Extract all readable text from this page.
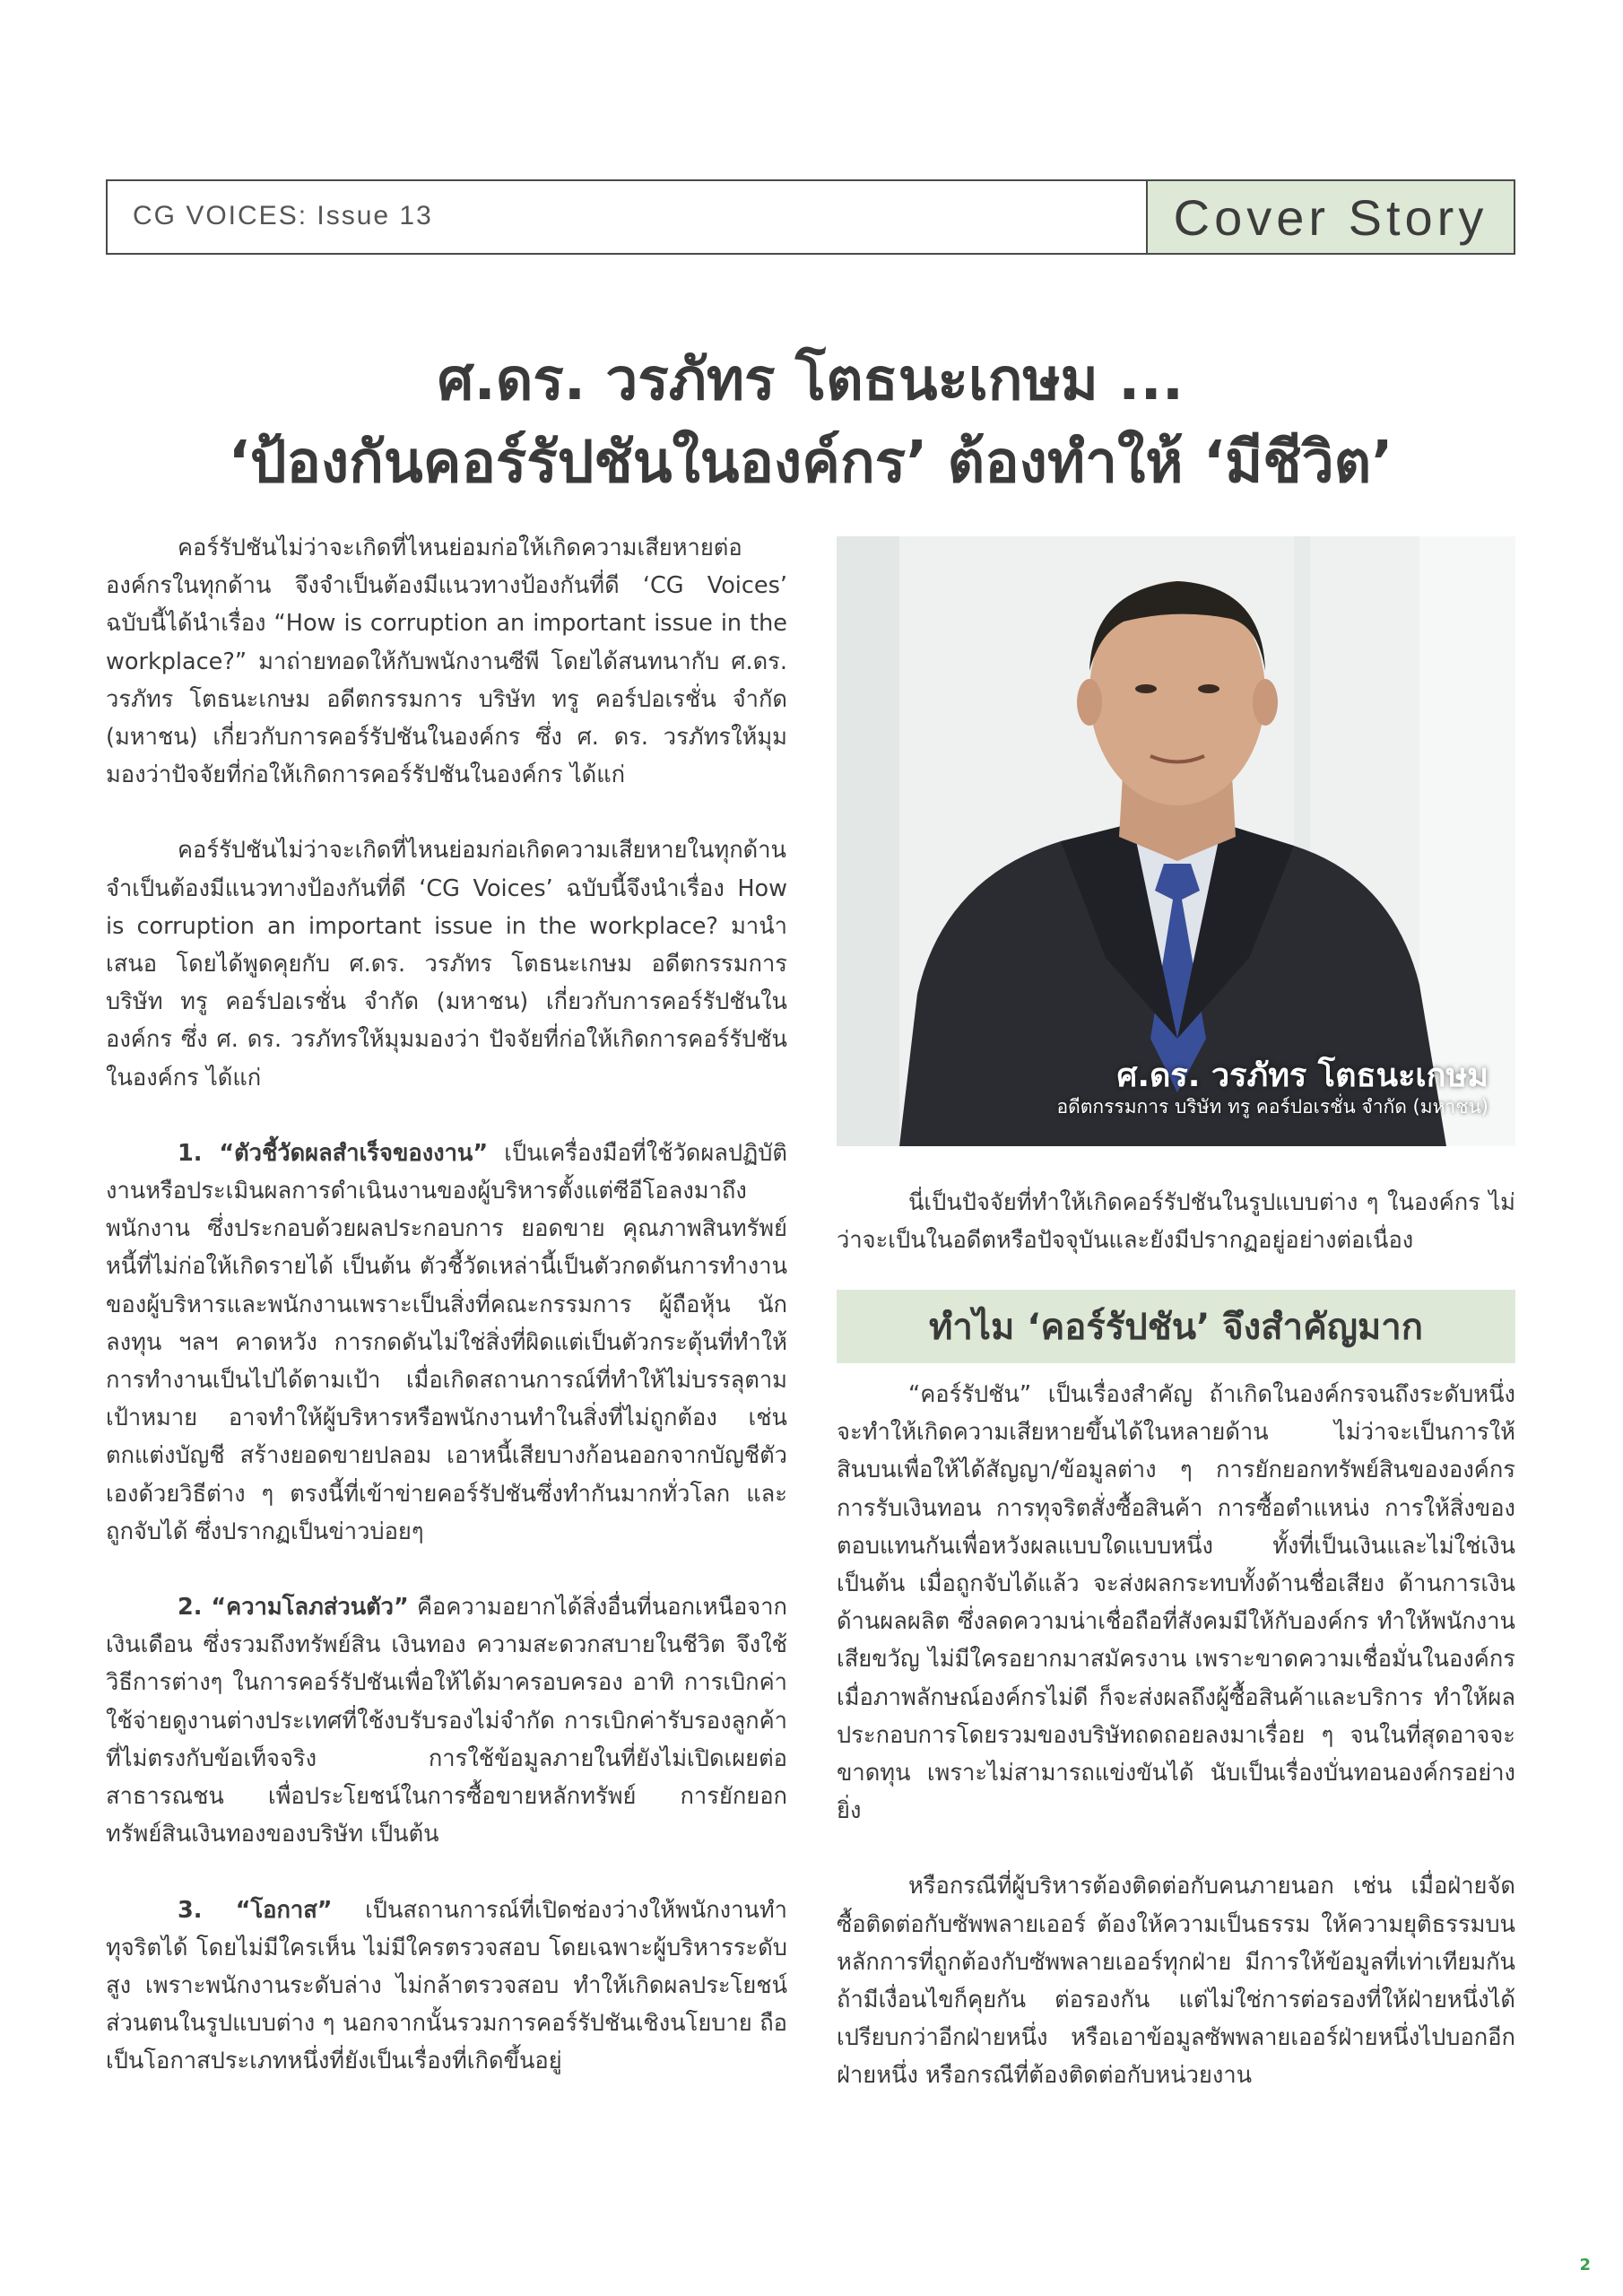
CG VOICES: Issue 13	Cover Story
ศ.ดร. วรภัทร โตธนะเกษม ...
‘ป้องกันคอร์รัปชันในองค์กร’ ต้องทำให้ ‘มีชีวิต’

คอร์รัปชันไม่ว่าจะเกิดที่ไหนย่อมก่อให้เกิดความเสียหายต่อองค์กรในทุกด้าน จึงจำเป็นต้องมีแนวทางป้องกันที่ดี ‘CG Voices’ ฉบับนี้ได้นำเรื่อง “How is corruption an important issue in the workplace?” มาถ่ายทอดให้กับพนักงานซีพี โดยได้สนทนากับ ศ.ดร. วรภัทร โตธนะเกษม อดีตกรรมการ บริษัท ทรู คอร์ปอเรชั่น จำกัด (มหาชน) เกี่ยวกับการคอร์รัปชันในองค์กร ซึ่ง ศ. ดร. วรภัทรให้มุมมองว่าปัจจัยที่ก่อให้เกิดการคอร์รัปชันในองค์กร ได้แก่

คอร์รัปชันไม่ว่าจะเกิดที่ไหนย่อมก่อเกิดความเสียหายในทุกด้าน จำเป็นต้องมีแนวทางป้องกันที่ดี ‘CG Voices’ ฉบับนี้จึงนำเรื่อง How is corruption an important issue in the workplace? มานำเสนอ โดยได้พูดคุยกับ ศ.ดร. วรภัทร โตธนะเกษม อดีตกรรมการ บริษัท ทรู คอร์ปอเรชั่น จำกัด (มหาชน) เกี่ยวกับการคอร์รัปชันในองค์กร ซึ่ง ศ. ดร. วรภัทรให้มุมมองว่า ปัจจัยที่ก่อให้เกิดการคอร์รัปชันในองค์กร ได้แก่

1. “ตัวชี้วัดผลสำเร็จของงาน” เป็นเครื่องมือที่ใช้วัดผลปฏิบัติงานหรือประเมินผลการดำเนินงานของผู้บริหารตั้งแต่ซีอีโอลงมาถึงพนักงาน ซึ่งประกอบด้วยผลประกอบการ ยอดขาย คุณภาพสินทรัพย์ หนี้ที่ไม่ก่อให้เกิดรายได้ เป็นต้น ตัวชี้วัดเหล่านี้เป็นตัวกดดันการทำงานของผู้บริหารและพนักงานเพราะเป็นสิ่งที่คณะกรรมการ ผู้ถือหุ้น นักลงทุน ฯลฯ คาดหวัง การกดดันไม่ใช่สิ่งที่ผิดแต่เป็นตัวกระตุ้นที่ทำให้การทำงานเป็นไปได้ตามเป้า เมื่อเกิดสถานการณ์ที่ทำให้ไม่บรรลุตามเป้าหมาย อาจทำให้ผู้บริหารหรือพนักงานทำในสิ่งที่ไม่ถูกต้อง เช่น ตกแต่งบัญชี สร้างยอดขายปลอม เอาหนี้เสียบางก้อนออกจากบัญชีตัวเองด้วยวิธีต่าง ๆ ตรงนี้ที่เข้าข่ายคอร์รัปชันซึ่งทำกันมากทั่วโลก และถูกจับได้ ซึ่งปรากฏเป็นข่าวบ่อยๆ

2. “ความโลภส่วนตัว” คือความอยากได้สิ่งอื่นที่นอกเหนือจากเงินเดือน ซึ่งรวมถึงทรัพย์สิน เงินทอง ความสะดวกสบายในชีวิต จึงใช้วิธีการต่างๆ ในการคอร์รัปชันเพื่อให้ได้มาครอบครอง อาทิ การเบิกค่าใช้จ่ายดูงานต่างประเทศที่ใช้งบรับรองไม่จำกัด การเบิกค่ารับรองลูกค้าที่ไม่ตรงกับข้อเท็จจริง การใช้ข้อมูลภายในที่ยังไม่เปิดเผยต่อสาธารณชน เพื่อประโยชน์ในการซื้อขายหลักทรัพย์ การยักยอกทรัพย์สินเงินทองของบริษัท เป็นต้น

3. “โอกาส” เป็นสถานการณ์ที่เปิดช่องว่างให้พนักงานทำทุจริตได้ โดยไม่มีใครเห็น ไม่มีใครตรวจสอบ โดยเฉพาะผู้บริหารระดับสูง เพราะพนักงานระดับล่าง ไม่กล้าตรวจสอบ ทำให้เกิดผลประโยชน์ส่วนตนในรูปแบบต่าง ๆ นอกจากนั้นรวมการคอร์รัปชันเชิงนโยบาย ถือเป็นโอกาสประเภทหนึ่งที่ยังเป็นเรื่องที่เกิดขึ้นอยู่

ศ.ดร. วรภัทร โตธนะเกษม
อดีตกรรมการ บริษัท ทรู คอร์ปอเรชั่น จำกัด (มหาชน)

นี่เป็นปัจจัยที่ทำให้เกิดคอร์รัปชันในรูปแบบต่าง ๆ ในองค์กร ไม่ว่าจะเป็นในอดีตหรือปัจจุบันและยังมีปรากฏอยู่อย่างต่อเนื่อง

ทำไม ‘คอร์รัปชัน’ จึงสำคัญมาก

“คอร์รัปชัน” เป็นเรื่องสำคัญ ถ้าเกิดในองค์กรจนถึงระดับหนึ่งจะทำให้เกิดความเสียหายขึ้นได้ในหลายด้าน ไม่ว่าจะเป็นการให้สินบนเพื่อให้ได้สัญญา/ข้อมูลต่าง ๆ การยักยอกทรัพย์สินขององค์กร การรับเงินทอน การทุจริตสั่งซื้อสินค้า การซื้อตำแหน่ง การให้สิ่งของตอบแทนกันเพื่อหวังผลแบบใดแบบหนึ่ง ทั้งที่เป็นเงินและไม่ใช่เงิน เป็นต้น เมื่อถูกจับได้แล้ว จะส่งผลกระทบทั้งด้านชื่อเสียง ด้านการเงิน ด้านผลผลิต ซึ่งลดความน่าเชื่อถือที่สังคมมีให้กับองค์กร ทำให้พนักงานเสียขวัญ ไม่มีใครอยากมาสมัครงาน เพราะขาดความเชื่อมั่นในองค์กร เมื่อภาพลักษณ์องค์กรไม่ดี ก็จะส่งผลถึงผู้ซื้อสินค้าและบริการ ทำให้ผลประกอบการโดยรวมของบริษัทถดถอยลงมาเรื่อย ๆ จนในที่สุดอาจจะขาดทุน เพราะไม่สามารถแข่งขันได้ นับเป็นเรื่องบั่นทอนองค์กรอย่างยิ่ง

หรือกรณีที่ผู้บริหารต้องติดต่อกับคนภายนอก เช่น เมื่อฝ่ายจัดซื้อติดต่อกับซัพพลายเออร์ ต้องให้ความเป็นธรรม ให้ความยุติธรรมบนหลักการที่ถูกต้องกับซัพพลายเออร์ทุกฝ่าย มีการให้ข้อมูลที่เท่าเทียมกัน ถ้ามีเงื่อนไขก็คุยกัน ต่อรองกัน แต่ไม่ใช่การต่อรองที่ให้ฝ่ายหนึ่งได้เปรียบกว่าอีกฝ่ายหนึ่ง หรือเอาข้อมูลซัพพลายเออร์ฝ่ายหนึ่งไปบอกอีกฝ่ายหนึ่ง หรือกรณีที่ต้องติดต่อกับหน่วยงาน

2
